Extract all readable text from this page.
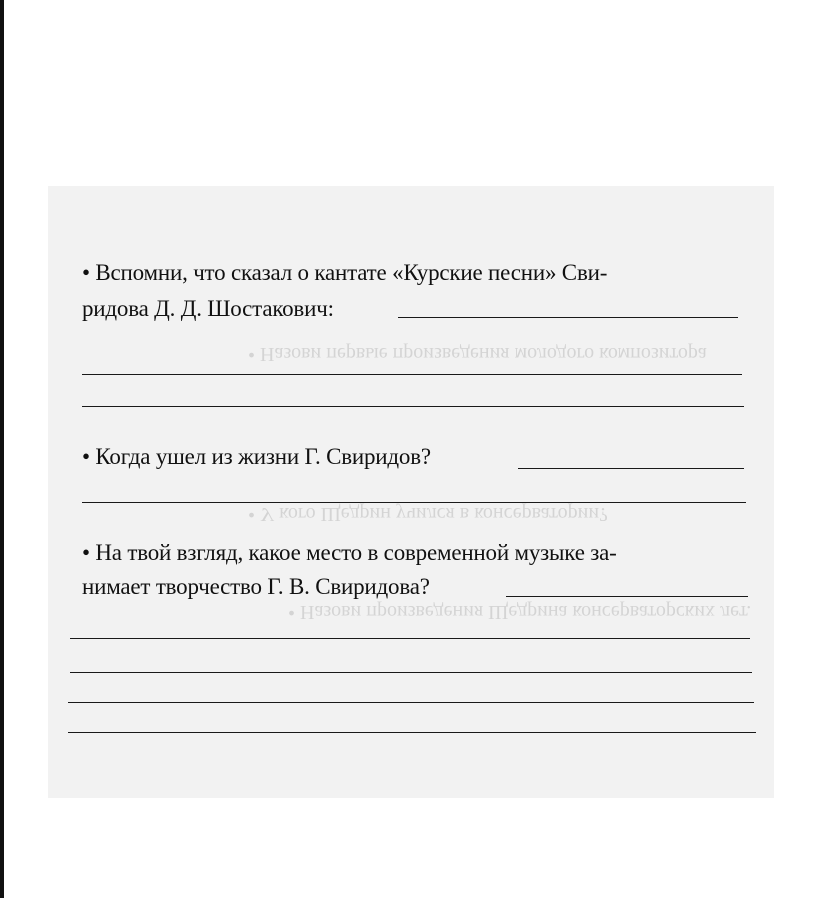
• Назови первые произведения молодого композитора
• У кого Щедрин учился в консерватории?
• Назови произведения Щедрина консерваторских лет.
• Вспомни, что сказал о кантате «Курские песни» Сви-
ридова Д. Д. Шостакович:
• Когда ушел из жизни Г. Свиридов?
• На твой взгляд, какое место в современной музыке за-
нимает творчество Г. В. Свиридова?
